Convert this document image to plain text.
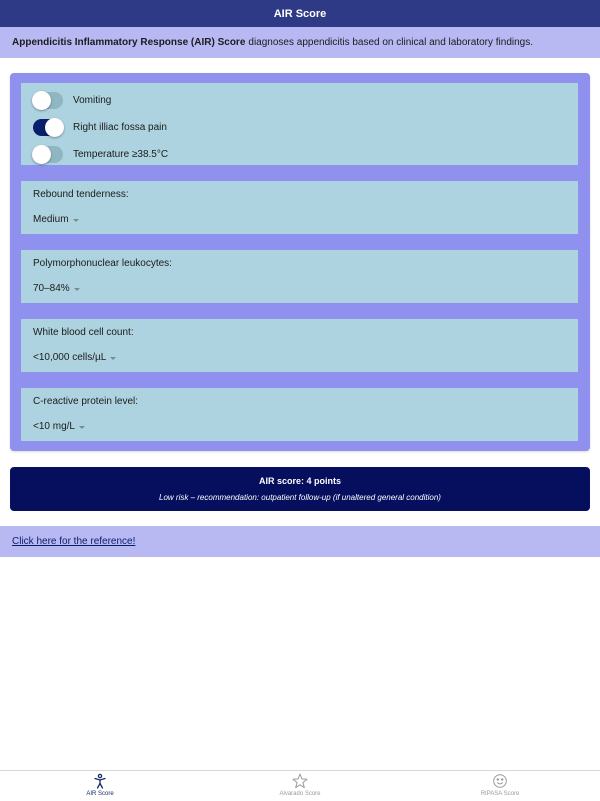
AIR Score
Appendicitis Inflammatory Response (AIR) Score diagnoses appendicitis based on clinical and laboratory findings.
Vomiting
Right illiac fossa pain
Temperature ≥38.5°C
Rebound tenderness:
Medium
Polymorphonuclear leukocytes:
70–84%
White blood cell count:
<10,000 cells/µL
C-reactive protein level:
<10 mg/L
AIR score: 4 points
Low risk – recommendation: outpatient follow-up (if unaltered general condition)
Click here for the reference!
AIR Score	Alvarado Score	RIPASA Score
